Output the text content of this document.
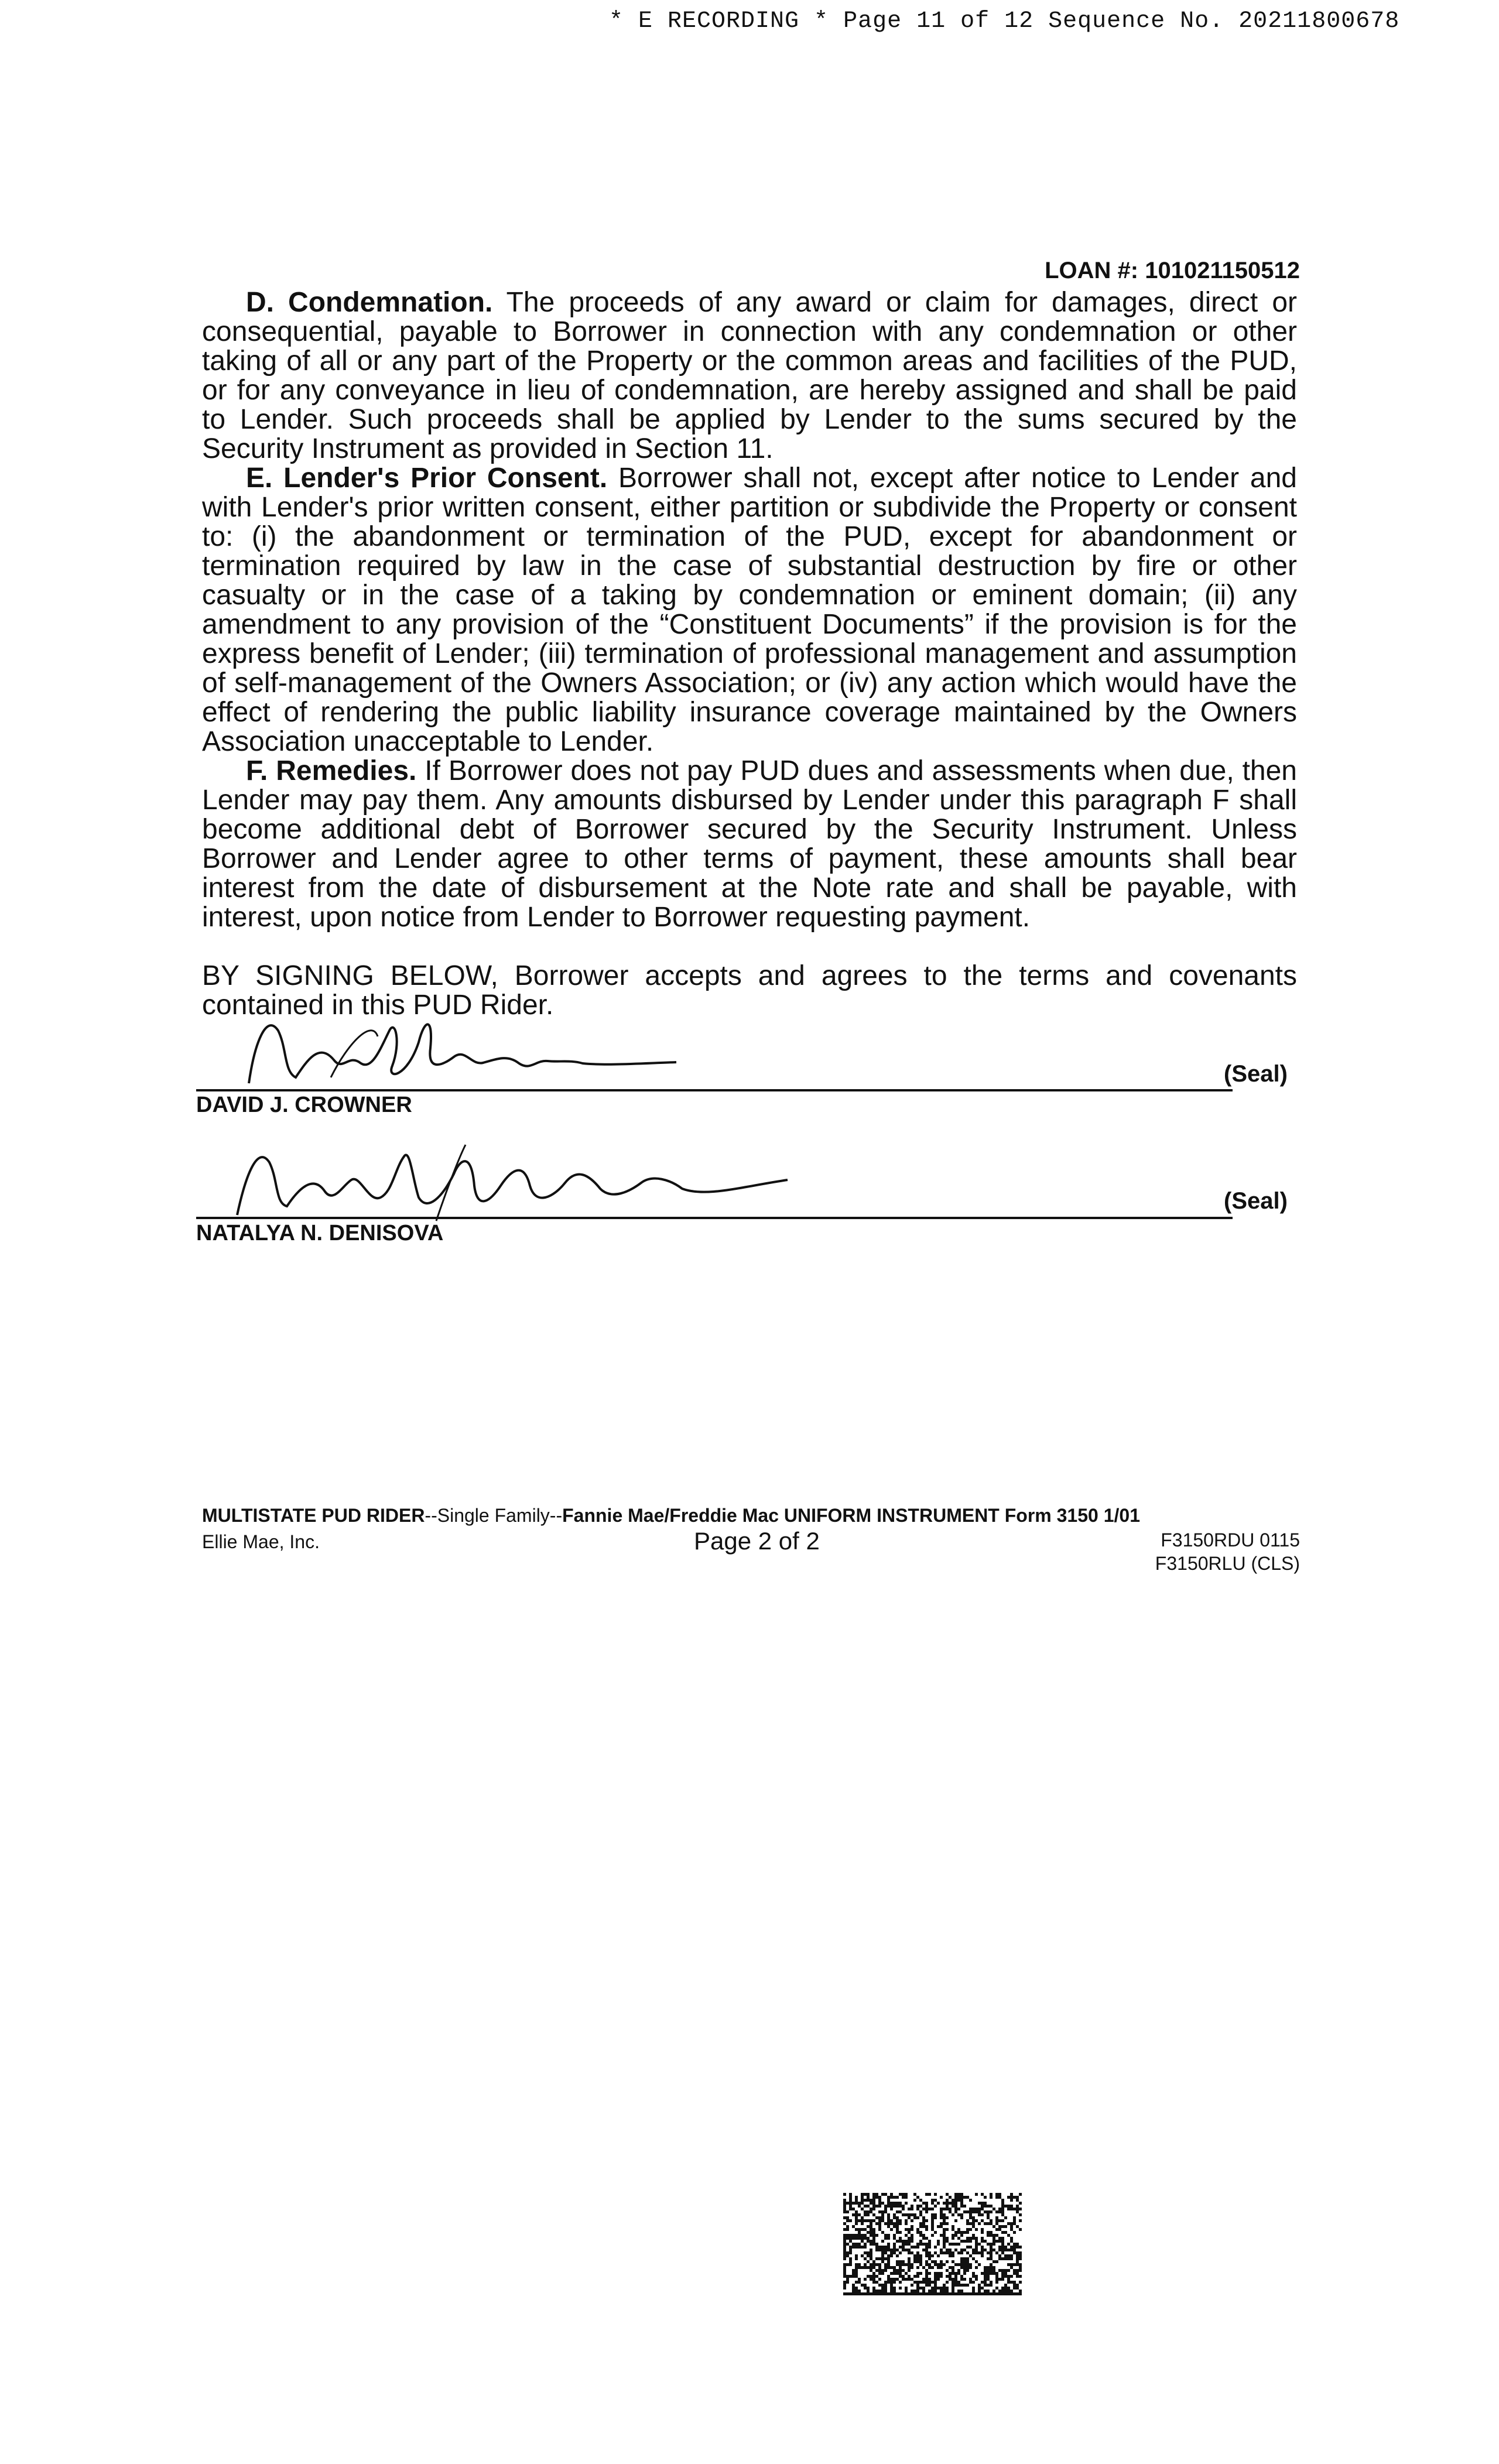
* E RECORDING * Page 11 of 12 Sequence No. 20211800678
LOAN #: 101021150512

D. Condemnation. The proceeds of any award or claim for damages, direct or consequential, payable to Borrower in connection with any condemnation or other taking of all or any part of the Property or the common areas and facilities of the PUD, or for any conveyance in lieu of condemnation, are hereby assigned and shall be paid to Lender. Such proceeds shall be applied by Lender to the sums secured by the Security Instrument as provided in Section 11.

E. Lender's Prior Consent. Borrower shall not, except after notice to Lender and with Lender's prior written consent, either partition or subdivide the Property or consent to: (i) the abandonment or termination of the PUD, except for abandonment or termination required by law in the case of substantial destruction by fire or other casualty or in the case of a taking by condemnation or eminent domain; (ii) any amendment to any provision of the “Constituent Documents” if the provision is for the express benefit of Lender; (iii) termination of professional management and assumption of self-management of the Owners Association; or (iv) any action which would have the effect of rendering the public liability insurance coverage maintained by the Owners Association unacceptable to Lender.

F. Remedies. If Borrower does not pay PUD dues and assessments when due, then Lender may pay them. Any amounts disbursed by Lender under this paragraph F shall become additional debt of Borrower secured by the Security Instrument. Unless Borrower and Lender agree to other terms of payment, these amounts shall bear interest from the date of disbursement at the Note rate and shall be payable, with interest, upon notice from Lender to Borrower requesting payment.

BY SIGNING BELOW, Borrower accepts and agrees to the terms and covenants contained in this PUD Rider.

DAVID J. CROWNER
(Seal)
NATALYA N. DENISOVA
(Seal)
MULTISTATE PUD RIDER--Single Family--Fannie Mae/Freddie Mac UNIFORM INSTRUMENT Form 3150 1/01
Ellie Mae, Inc.	Page 2 of 2	F3150RDU 0115
F3150RLU (CLS)
